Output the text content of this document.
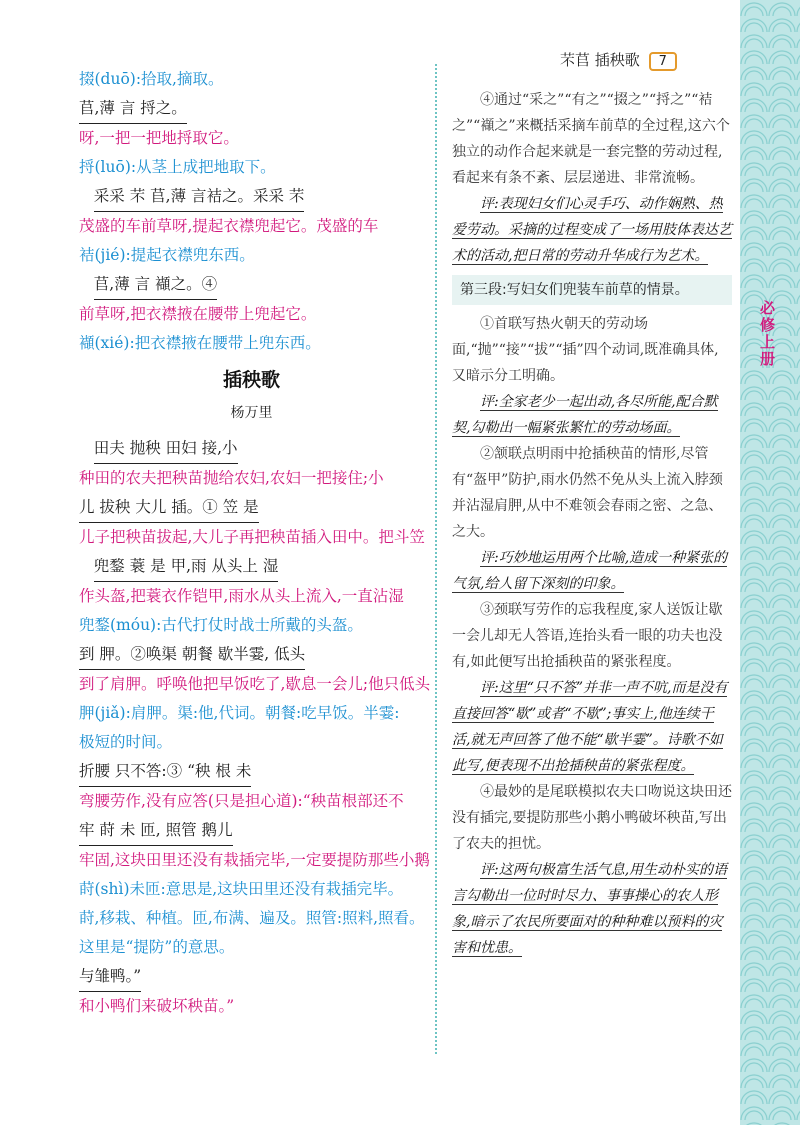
必修上册
芣苢 插秧歌 7
掇(duō):拾取,摘取。
苢,薄 言 捋之。
呀,一把一把地捋取它。
捋(luō):从茎上成把地取下。
采采 芣 苢,薄 言袺之。采采 芣
茂盛的车前草呀,提起衣襟兜起它。茂盛的车
袺(jié):提起衣襟兜东西。
苢,薄 言 襭之。④
前草呀,把衣襟掖在腰带上兜起它。
襭(xié):把衣襟掖在腰带上兜东西。
插秧歌
杨万里
田夫 抛秧 田妇 接,小
种田的农夫把秧苗抛给农妇,农妇一把接住;小
儿 拔秧 大儿 插。① 笠 是
儿子把秧苗拔起,大儿子再把秧苗插入田中。把斗笠
兜鍪 蓑 是 甲,雨 从头上 湿
作头盔,把蓑衣作铠甲,雨水从头上流入,一直沾湿
兜鍪(móu):古代打仗时战士所戴的头盔。
到 胛。②唤渠 朝餐 歇半霎, 低头
到了肩胛。呼唤他把早饭吃了,歇息一会儿;他只低头
胛(jiǎ):肩胛。渠:他,代词。朝餐:吃早饭。半霎:
极短的时间。
折腰 只不答:③ “秧 根 未
弯腰劳作,没有应答(只是担心道):“秧苗根部还不
牢 莳 未 匝, 照管 鹅儿
牢固,这块田里还没有栽插完毕,一定要提防那些小鹅
莳(shì)未匝:意思是,这块田里还没有栽插完毕。
莳,移栽、种植。匝,布满、遍及。照管:照料,照看。
这里是“提防”的意思。
与雏鸭。”
和小鸭们来破坏秧苗。”

④通过“采之”“有之”“掇之”“捋之”“袺之”“襭之”来概括采摘车前草的全过程,这六个独立的动作合起来就是一套完整的劳动过程,看起来有条不紊、层层递进、非常流畅。

评:表现妇女们心灵手巧、动作娴熟、热爱劳动。采摘的过程变成了一场用肢体表达艺术的活动,把日常的劳动升华成行为艺术。

第三段:写妇女们兜装车前草的情景。

①首联写热火朝天的劳动场面,“抛”“接”“拔”“插”四个动词,既准确具体,又暗示分工明确。

评:全家老少一起出动,各尽所能,配合默契,勾勒出一幅紧张繁忙的劳动场面。

②颔联点明雨中抢插秧苗的情形,尽管有“盔甲”防护,雨水仍然不免从头上流入脖颈并沾湿肩胛,从中不难领会春雨之密、之急、之大。

评:巧妙地运用两个比喻,造成一种紧张的气氛,给人留下深刻的印象。

③颈联写劳作的忘我程度,家人送饭让歇一会儿却无人答语,连抬头看一眼的功夫也没有,如此便写出抢插秧苗的紧张程度。

评:这里“只不答”并非一声不吭,而是没有直接回答“歇”或者“不歇”;事实上,他连续干活,就无声回答了他不能“歇半霎”。诗歌不如此写,便表现不出抢插秧苗的紧张程度。

④最妙的是尾联模拟农夫口吻说这块田还没有插完,要提防那些小鹅小鸭破坏秧苗,写出了农夫的担忧。

评:这两句极富生活气息,用生动朴实的语言勾勒出一位时时尽力、事事操心的农人形象,暗示了农民所要面对的种种难以预料的灾害和忧患。
